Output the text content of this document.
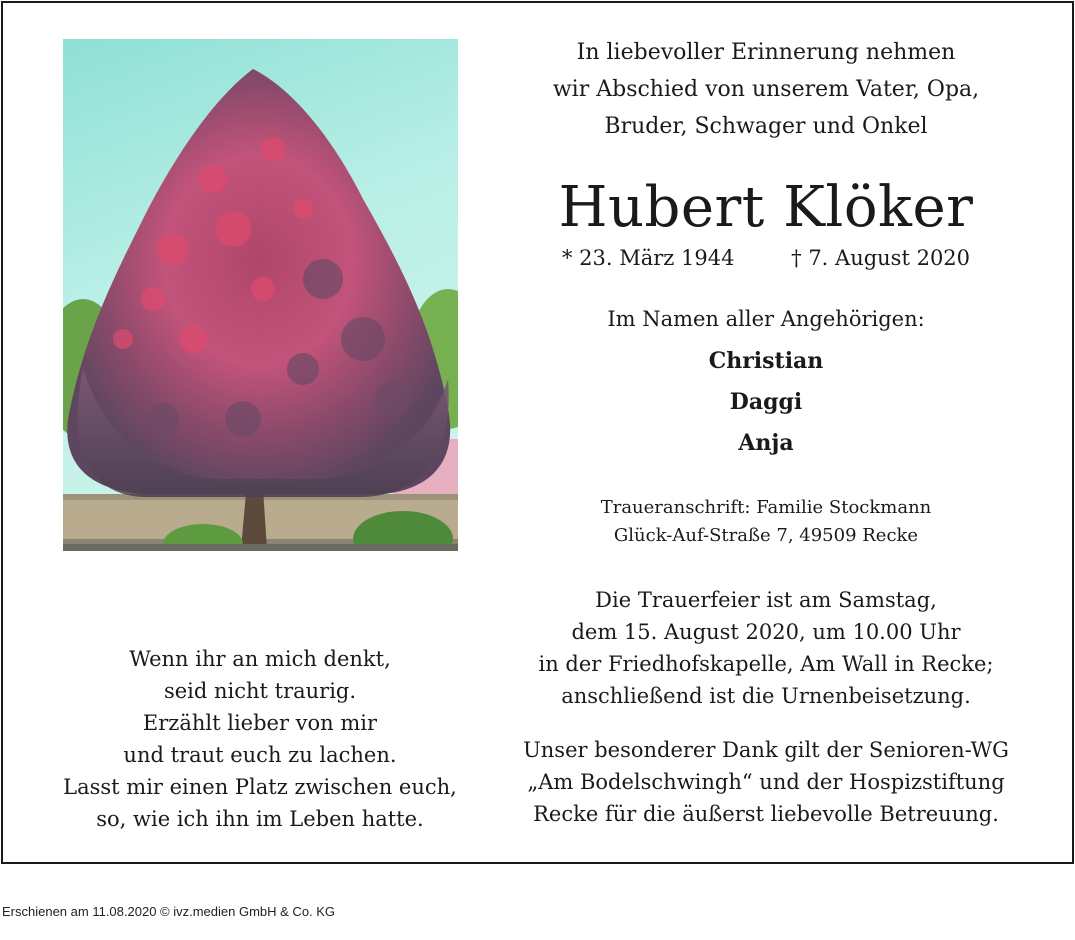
In liebevoller Erinnerung nehmen
wir Abschied von unserem Vater, Opa,
Bruder, Schwager und Onkel

Hubert Klöker

* 23. März 1944	† 7. August 2020

Im Namen aller Angehörigen:

Christian
Daggi
Anja

Traueranschrift: Familie Stockmann
Glück-Auf-Straße 7, 49509 Recke

Die Trauerfeier ist am Samstag,
dem 15. August 2020, um 10.00 Uhr
in der Friedhofskapelle, Am Wall in Recke;
anschließend ist die Urnenbeisetzung.

Unser besonderer Dank gilt der Senioren-WG
„Am Bodelschwingh“ und der Hospizstiftung
Recke für die äußerst liebevolle Betreuung.

Wenn ihr an mich denkt,
seid nicht traurig.
Erzählt lieber von mir
und traut euch zu lachen.
Lasst mir einen Platz zwischen euch,
so, wie ich ihn im Leben hatte.
Erschienen am 11.08.2020 © ivz.medien GmbH & Co. KG
